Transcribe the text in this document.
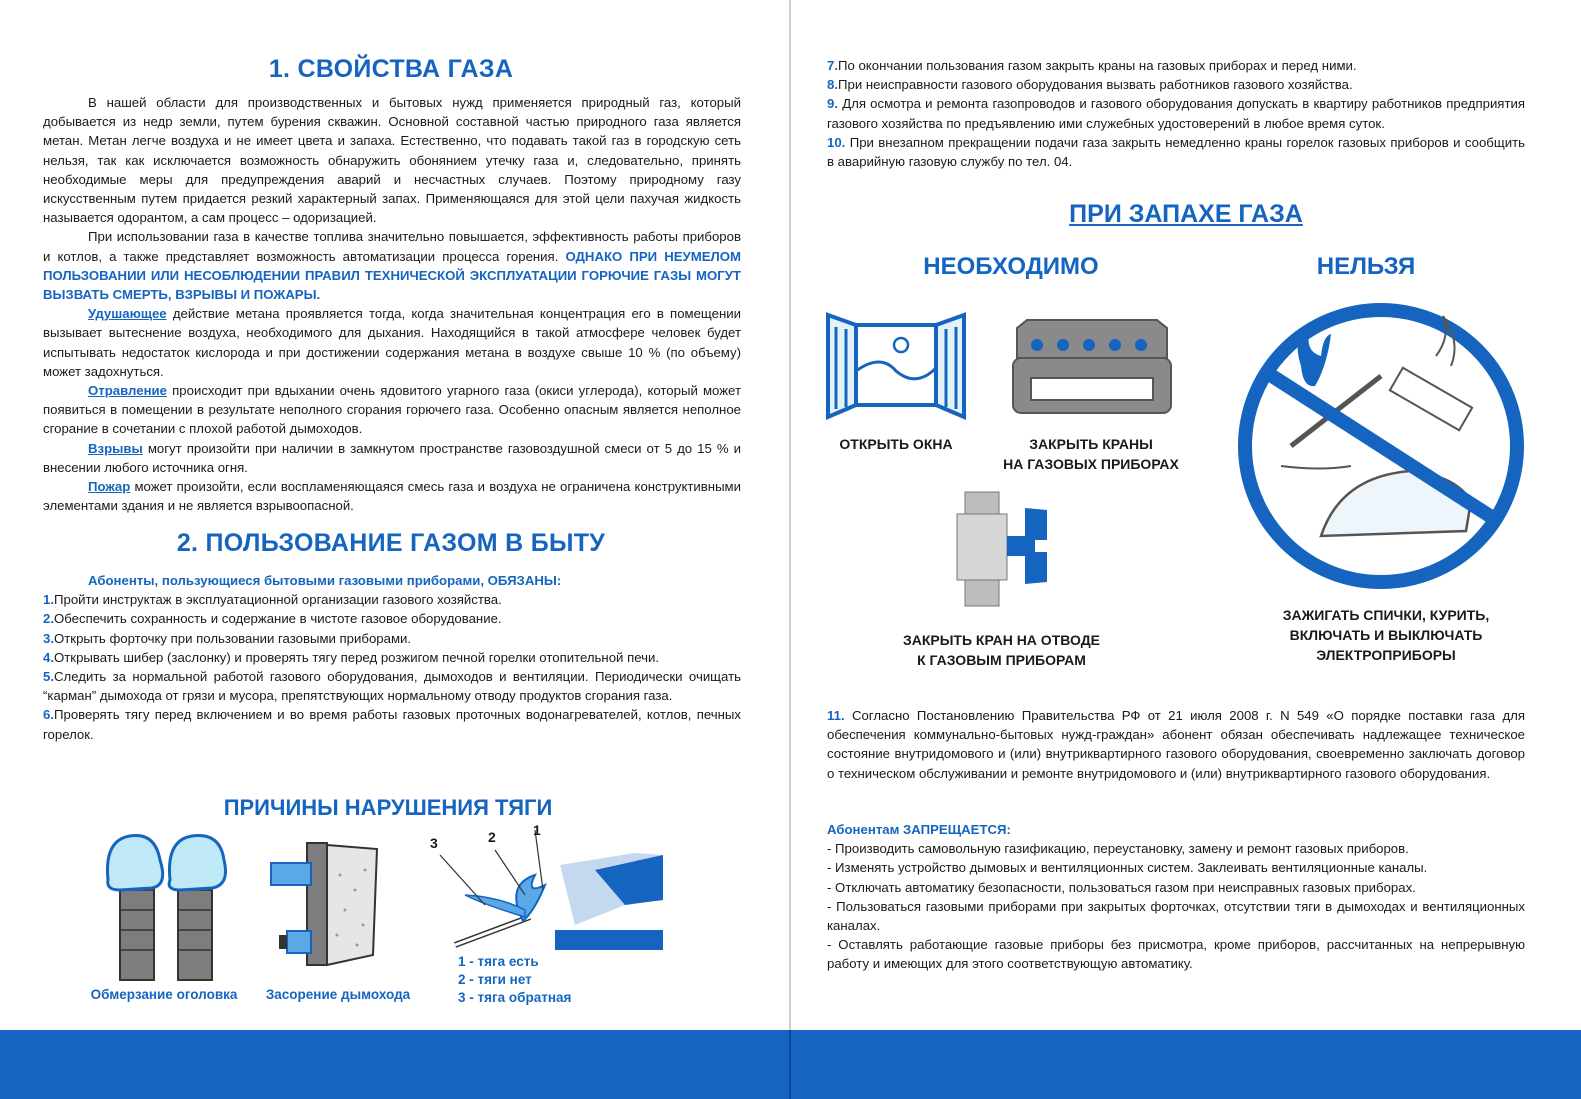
1. СВОЙСТВА ГАЗА

В нашей области для производственных и бытовых нужд применяется природный газ, который добывается из недр земли, путем бурения скважин. Основной составной частью природного газа является метан. Метан легче воздуха и не имеет цвета и запаха. Естественно, что подавать такой газ в городскую сеть нельзя, так как исключается возможность обнаружить обонянием утечку газа и, следовательно, принять необходимые меры для предупреждения аварий и несчастных случаев. Поэтому природному газу искусственным путем придается резкий характерный запах. Применяющаяся для этой цели пахучая жидкость называется одорантом, а сам процесс – одоризацией.

При использовании газа в качестве топлива значительно повышается, эффективность работы приборов и котлов, а также представляет возможность автоматизации процесса горения. ОДНАКО ПРИ НЕУМЕЛОМ ПОЛЬЗОВАНИИ ИЛИ НЕСОБЛЮДЕНИИ ПРАВИЛ ТЕХНИЧЕСКОЙ ЭКСПЛУАТАЦИИ ГОРЮЧИЕ ГАЗЫ МОГУТ ВЫЗВАТЬ СМЕРТЬ, ВЗРЫВЫ И ПОЖАРЫ.

Удушающее действие метана проявляется тогда, когда значительная концентрация его в помещении вызывает вытеснение воздуха, необходимого для дыхания. Находящийся в такой атмосфере человек будет испытывать недостаток кислорода и при достижении содержания метана в воздухе свыше 10 % (по объему) может задохнуться.

Отравление происходит при вдыхании очень ядовитого угарного газа (окиси углерода), который может появиться в помещении в результате неполного сгорания горючего газа. Особенно опасным является неполное сгорание в сочетании с плохой работой дымоходов.

Взрывы могут произойти при наличии в замкнутом пространстве газовоздушной смеси от 5 до 15 % и внесении любого источника огня.

Пожар может произойти, если воспламеняющаяся смесь газа и воздуха не ограничена конструктивными элементами здания и не является взрывоопасной.

2. ПОЛЬЗОВАНИЕ ГАЗОМ В БЫТУ

Абоненты, пользующиеся бытовыми газовыми приборами, ОБЯЗАНЫ:

1.Пройти инструктаж в эксплуатационной организации газового хозяйства.

2.Обеспечить сохранность и содержание в чистоте газовое оборудование.

3.Открыть форточку при пользовании газовыми приборами.

4.Открывать шибер (заслонку) и проверять тягу перед розжигом печной горелки отопительной печи.

5.Следить за нормальной работой газового оборудования, дымоходов и вентиляции. Периодически очищать “карман” дымохода от грязи и мусора, препятствующих нормальному отводу продуктов сгорания газа.

6.Проверять тягу перед включением и во время работы газовых проточных водонагревателей, котлов, печных горелок.

ПРИЧИНЫ НАРУШЕНИЯ ТЯГИ
Обмерзание оголовка	Засорение дымохода
1
2
3
1 - тяга есть
2 - тяги нет
3 - тяга обратная

7.По окончании пользования газом закрыть краны на газовых приборах и перед ними.

8.При неисправности газового оборудования вызвать работников газового хозяйства.

9. Для осмотра и ремонта газопроводов и газового оборудования допускать в квартиру работников предприятия газового хозяйства по предъявлению ими служебных удостоверений в любое время суток.

10. При внезапном прекращении подачи газа закрыть немедленно краны горелок газовых приборов и сообщить в аварийную газовую службу по тел. 04.

ПРИ ЗАПАХЕ ГАЗА
НЕОБХОДИМО	НЕЛЬЗЯ
ОТКРЫТЬ ОКНА	ЗАКРЫТЬ КРАНЫ
НА ГАЗОВЫХ ПРИБОРАХ
ЗАКРЫТЬ КРАН НА ОТВОДЕ
К ГАЗОВЫМ ПРИБОРАМ
ЗАЖИГАТЬ СПИЧКИ, КУРИТЬ,
ВКЛЮЧАТЬ И ВЫКЛЮЧАТЬ
ЭЛЕКТРОПРИБОРЫ

11. Согласно Постановлению Правительства РФ от 21 июля 2008 г. N 549 «О порядке поставки газа для обеспечения коммунально-бытовых нужд-граждан» абонент обязан обеспечивать надлежащее техническое состояние внутридомового и (или) внутриквартирного газового оборудования, своевременно заключать договор о техническом обслуживании и ремонте внутридомового и (или) внутриквартирного газового оборудования.

Абонентам ЗАПРЕЩАЕТСЯ:

- Производить самовольную газификацию, переустановку, замену и ремонт газовых приборов.

- Изменять устройство дымовых и вентиляционных систем. Заклеивать вентиляционные каналы.

- Отключать автоматику безопасности, пользоваться газом при неисправных газовых приборах.

- Пользоваться газовыми приборами при закрытых форточках, отсутствии тяги в дымоходах и вентиляционных каналах.

- Оставлять работающие газовые приборы без присмотра, кроме приборов, рассчитанных на непрерывную работу и имеющих для этого соответствующую автоматику.
